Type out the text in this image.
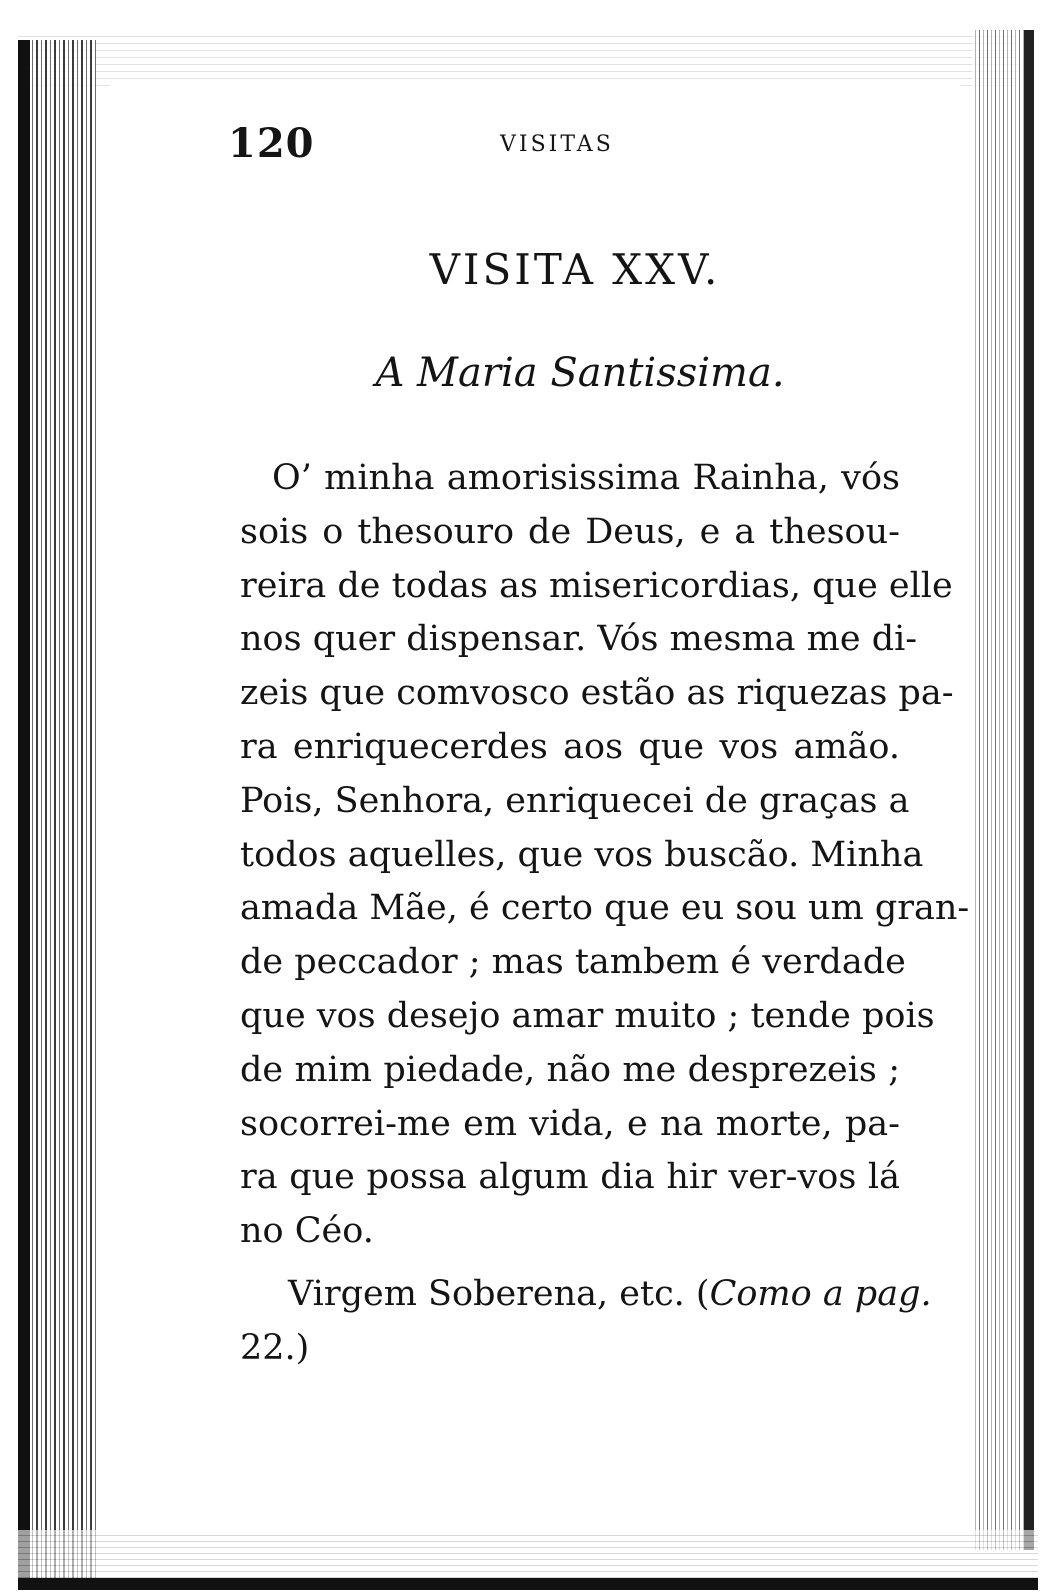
120	VISITAS
VISITA XXV.
A Maria Santissima.
O’ minha amorisissima Rainha, vós
sois o thesouro de Deus, e a thesou-
reira de todas as misericordias, que elle
nos quer dispensar. Vós mesma me di-
zeis que comvosco estão as riquezas pa-
ra enriquecerdes aos que vos amão.
Pois, Senhora, enriquecei de graças a
todos aquelles, que vos buscão. Minha
amada Mãe, é certo que eu sou um gran-
de peccador ; mas tambem é verdade
que vos desejo amar muito ; tende pois
de mim piedade, não me desprezeis ;
socorrei-me em vida, e na morte, pa-
ra que possa algum dia hir ver-vos lá
no Céo.
Virgem Soberena, etc. (Como a pag.
22.)
